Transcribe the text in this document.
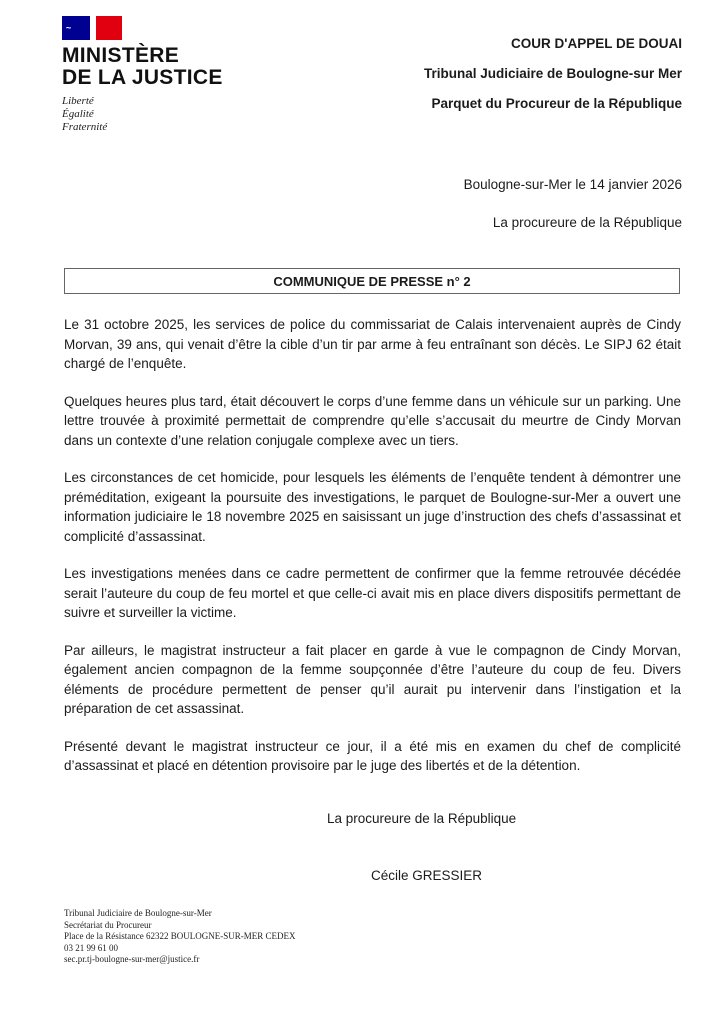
~
MINISTÈRE
DE LA JUSTICE
Liberté
Égalité
Fraternité
COUR D'APPEL DE DOUAI
Tribunal Judiciaire de Boulogne-sur Mer
Parquet du Procureur de la République
Boulogne-sur-Mer le 14 janvier 2026
La procureure de la République
COMMUNIQUE DE PRESSE n° 2

Le 31 octobre 2025, les services de police du commissariat de Calais intervenaient auprès de Cindy Morvan, 39 ans, qui venait d’être la cible d’un tir par arme à feu entraînant son décès. Le SIPJ 62 était chargé de l’enquête.

Quelques heures plus tard, était découvert le corps d’une femme dans un véhicule sur un parking. Une lettre trouvée à proximité permettait de comprendre qu’elle s’accusait du meurtre de Cindy Morvan dans un contexte d’une relation conjugale complexe avec un tiers.

Les circonstances de cet homicide, pour lesquels les éléments de l’enquête tendent à démontrer une préméditation, exigeant la poursuite des investigations, le parquet de Boulogne-sur-Mer a ouvert une information judiciaire le 18 novembre 2025 en saisissant un juge d’instruction des chefs d’assassinat et complicité d’assassinat.

Les investigations menées dans ce cadre permettent de confirmer que la femme retrouvée décédée serait l’auteure du coup de feu mortel et que celle-ci avait mis en place divers dispositifs permettant de suivre et surveiller la victime.

Par ailleurs, le magistrat instructeur a fait placer en garde à vue le compagnon de Cindy Morvan, également ancien compagnon de la femme soupçonnée d’être l’auteure du coup de feu. Divers éléments de procédure permettent de penser qu’il aurait pu intervenir dans l’instigation et la préparation de cet assassinat.

Présenté devant le magistrat instructeur ce jour, il a été mis en examen du chef de complicité d’assassinat et placé en détention provisoire par le juge des libertés et de la détention.

La procureure de la République
Cécile GRESSIER
Tribunal Judiciaire de Boulogne-sur-Mer
Secrétariat du Procureur
Place de la Résistance 62322 BOULOGNE-SUR-MER CEDEX
03 21 99 61 00
sec.pr.tj-boulogne-sur-mer@justice.fr
